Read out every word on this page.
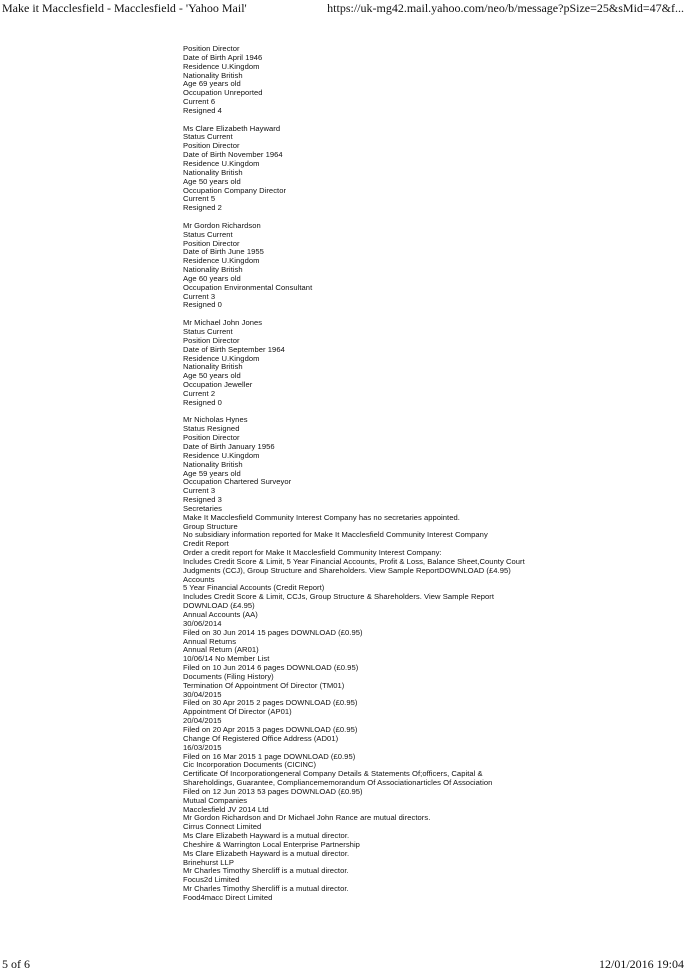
Make it Macclesfield - Macclesfield - 'Yahoo Mail'	https://uk-mg42.mail.yahoo.com/neo/b/message?pSize=25&sMid=47&f...
Position Director
Date of Birth April 1946
Residence U.Kingdom
Nationality British
Age 69 years old
Occupation Unreported
Current 6
Resigned 4
Ms Clare Elizabeth Hayward
Status Current
Position Director
Date of Birth November 1964
Residence U.Kingdom
Nationality British
Age 50 years old
Occupation Company Director
Current 5
Resigned 2
Mr Gordon Richardson
Status Current
Position Director
Date of Birth June 1955
Residence U.Kingdom
Nationality British
Age 60 years old
Occupation Environmental Consultant
Current 3
Resigned 0
Mr Michael John Jones
Status Current
Position Director
Date of Birth September 1964
Residence U.Kingdom
Nationality British
Age 50 years old
Occupation Jeweller
Current 2
Resigned 0
Mr Nicholas Hynes
Status Resigned
Position Director
Date of Birth January 1956
Residence U.Kingdom
Nationality British
Age 59 years old
Occupation Chartered Surveyor
Current 3
Resigned 3
Secretaries
Make It Macclesfield Community Interest Company has no secretaries appointed.
Group Structure
No subsidiary information reported for Make It Macclesfield Community Interest Company
Credit Report
Order a credit report for Make It Macclesfield Community Interest Company:
Includes Credit Score & Limit, 5 Year Financial Accounts, Profit & Loss, Balance Sheet,County Court
Judgments (CCJ), Group Structure and Shareholders. View Sample ReportDOWNLOAD (£4.95)
Accounts
5 Year Financial Accounts (Credit Report)
Includes Credit Score & Limit, CCJs, Group Structure & Shareholders. View Sample Report
DOWNLOAD (£4.95)
Annual Accounts (AA)
30/06/2014
Filed on 30 Jun 2014 15 pages DOWNLOAD (£0.95)
Annual Returns
Annual Return (AR01)
10/06/14 No Member List
Filed on 10 Jun 2014 6 pages DOWNLOAD (£0.95)
Documents (Filing History)
Termination Of Appointment Of Director (TM01)
30/04/2015
Filed on 30 Apr 2015 2 pages DOWNLOAD (£0.95)
Appointment Of Director (AP01)
20/04/2015
Filed on 20 Apr 2015 3 pages DOWNLOAD (£0.95)
Change Of Registered Office Address (AD01)
16/03/2015
Filed on 16 Mar 2015 1 page DOWNLOAD (£0.95)
Cic Incorporation Documents (CICINC)
Certificate Of Incorporationgeneral Company Details & Statements Of;officers, Capital &
Shareholdings, Guarantee, Compliancememorandum Of Associationarticles Of Association
Filed on 12 Jun 2013 53 pages DOWNLOAD (£0.95)
Mutual Companies
Macclesfield JV 2014 Ltd
Mr Gordon Richardson and Dr Michael John Rance are mutual directors.
Cirrus Connect Limited
Ms Clare Elizabeth Hayward is a mutual director.
Cheshire & Warrington Local Enterprise Partnership
Ms Clare Elizabeth Hayward is a mutual director.
Brinehurst LLP
Mr Charles Timothy Shercliff is a mutual director.
Focus2d Limited
Mr Charles Timothy Shercliff is a mutual director.
Food4macc Direct Limited
5 of 6	12/01/2016 19:04
